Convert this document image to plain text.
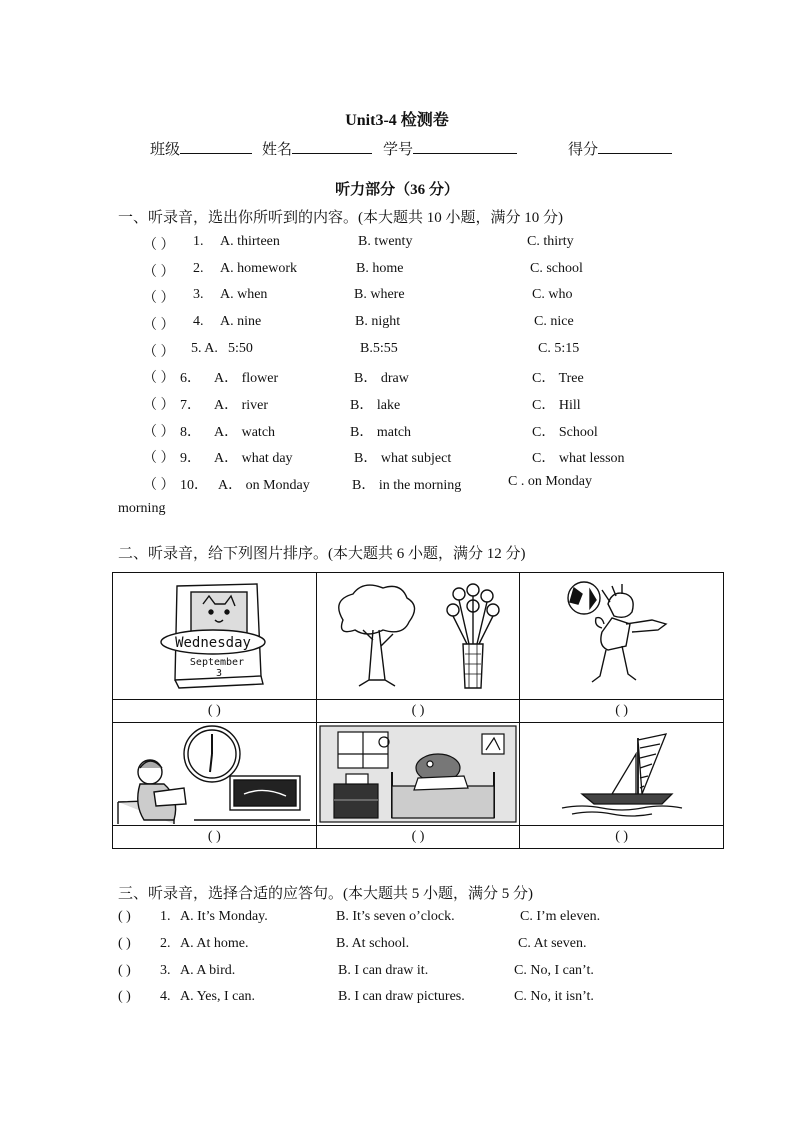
Unit3-4 检测卷
班级	姓名	学号	得分
听力部分（36 分）
一、听录音，选出你所听到的内容。(本大题共 10 小题，满分 10 分)
（ ） 1. A. thirteen	B. twenty	C. thirty
（ ） 2. A. homework	B. home	C. school
（ ） 3. A. when	B. where	C. who
（ ） 4. A. nine	B. night	C. nice
（ ） 5. A. 5:50	B.5:55	C. 5:15
（ ） 6． A． flower	B． draw	C． Tree
（ ） 7． A． river	B． lake	C． Hill
（ ） 8． A． watch	B． match	C． School
（ ） 9． A． what day	B． what subject	C． what lesson
（ ） 10． A． on Monday	B． in the morning	C . on Monday
morning
二、听录音，给下列图片排序。(本大题共 6 小题，满分 12 分)
Wednesday
September
3

( )	( )	( )

( )	( )	( )
三、听录音，选择合适的应答句。(本大题共 5 小题，满分 5 分)
( ) 1. A. It’s Monday.	B. It’s seven o’clock.	C. I’m eleven.
( ) 2. A. At home.	B. At school.	C. At seven.
( ) 3. A. A bird.	B. I can draw it.	C. No, I can’t.
( ) 4. A. Yes, I can.	B. I can draw pictures.	C. No, it isn’t.
